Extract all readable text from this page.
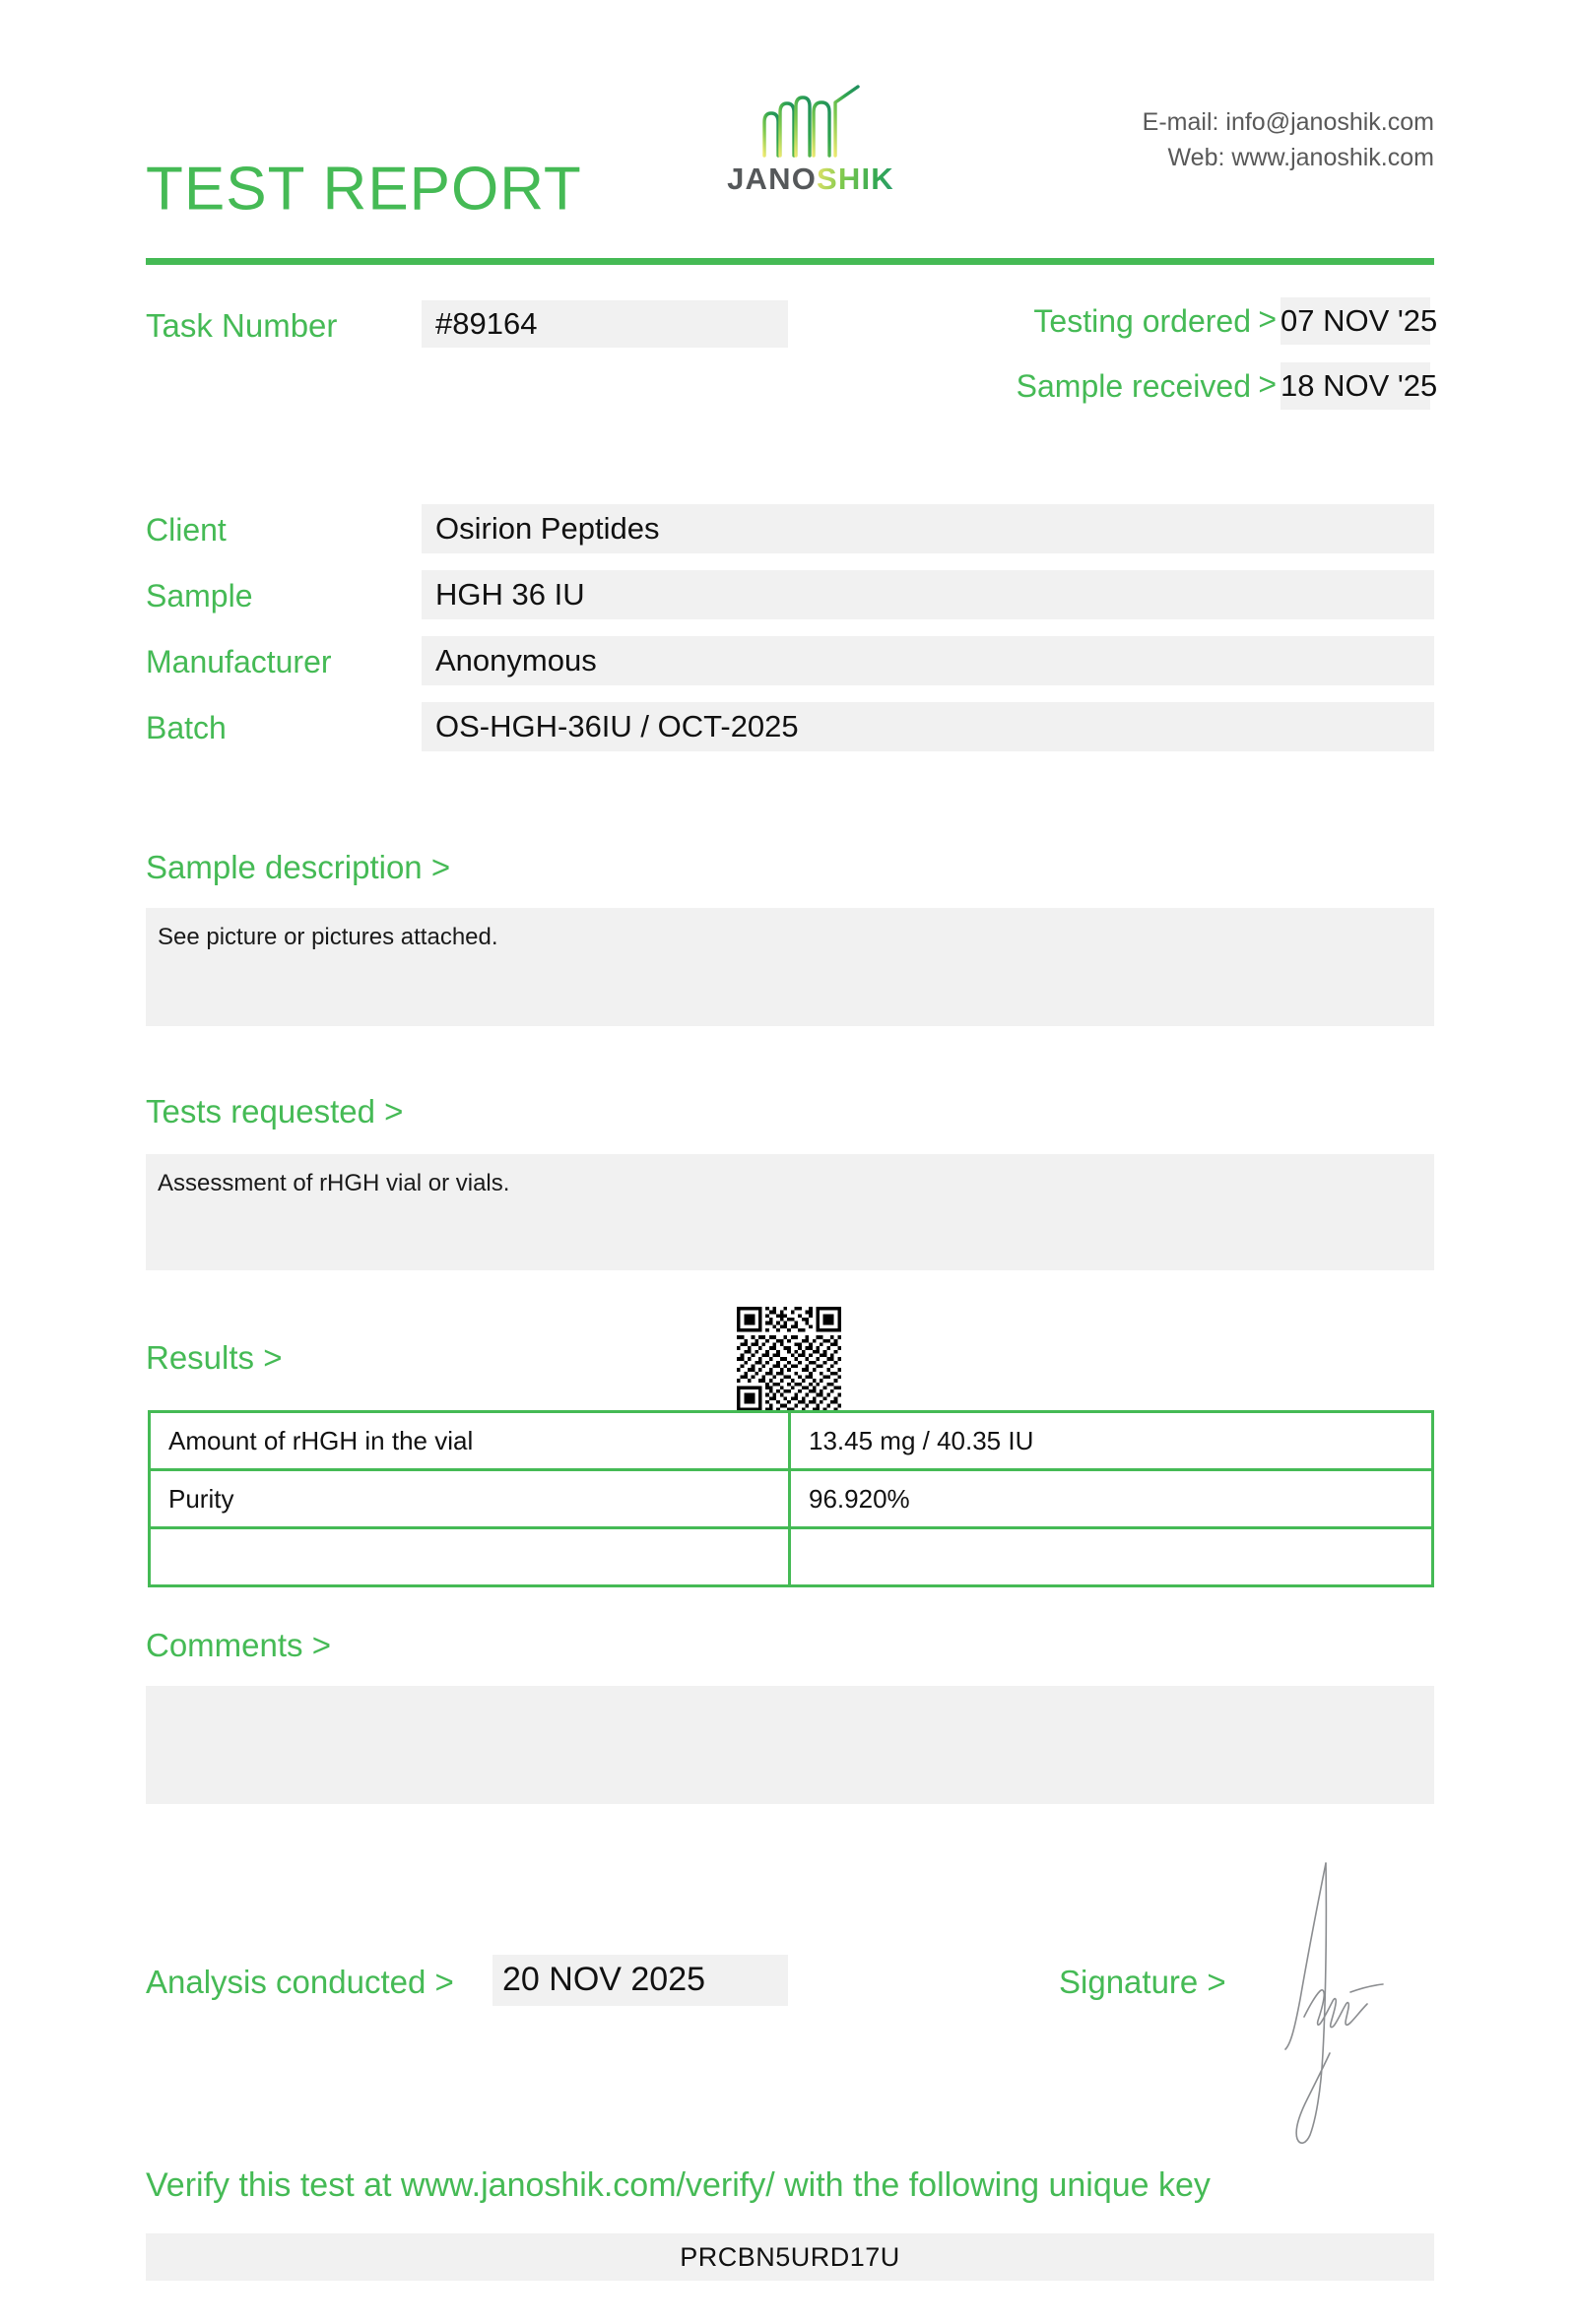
TEST REPORT	JANOSHIK
E-mail: info@janoshik.com
Web: www.janoshik.com
Task Number	#89164	Testing ordered > 07 NOV '25
Sample received > 18 NOV '25
Client	Osirion Peptides
Sample	HGH 36 IU
Manufacturer	Anonymous
Batch	OS-HGH-36IU / OCT-2025
Sample description >
See picture or pictures attached.
Tests requested >
Assessment of rHGH vial or vials.
Results >
Amount of rHGH in the vial	13.45 mg / 40.35 IU
Purity	96.920%

Comments >
Analysis conducted > 20 NOV 2025	Signature >
Verify this test at www.janoshik.com/verify/ with the following unique key
PRCBN5URD17U
